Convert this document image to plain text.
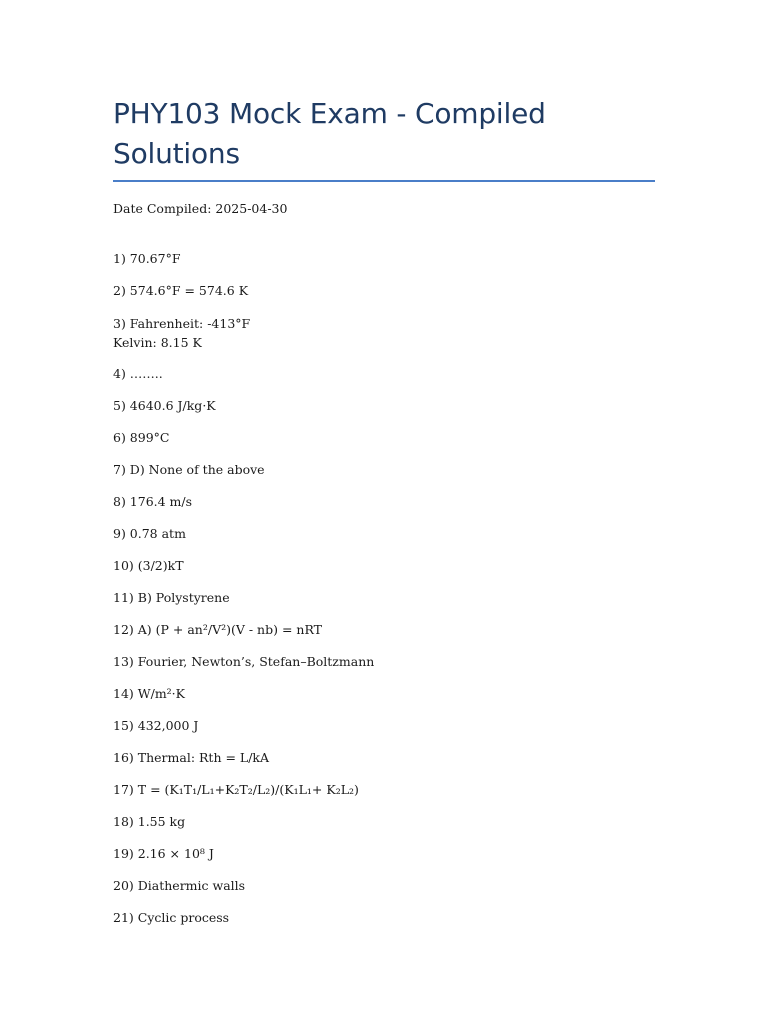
PHY103 Mock Exam - Compiled Solutions
Date Compiled: 2025-04-30
1) 70.67°F
2) 574.6°F = 574.6 K
3) Fahrenheit: -413°F
Kelvin: 8.15 K
4) ……..
5) 4640.6 J/kg·K
6) 899°C
7) D) None of the above
8) 176.4 m/s
9) 0.78 atm
10) (3/2)kT
11) B) Polystyrene
12) A) (P + an²/V²)(V - nb) = nRT
13) Fourier, Newton’s, Stefan–Boltzmann
14) W/m²·K
15) 432,000 J
16) Thermal: Rth = L/kA
17) T = (K₁T₁/L₁+K₂T₂/L₂)/(K₁L₁+ K₂L₂)
18) 1.55 kg
19) 2.16 × 10⁸ J
20) Diathermic walls
21) Cyclic process
